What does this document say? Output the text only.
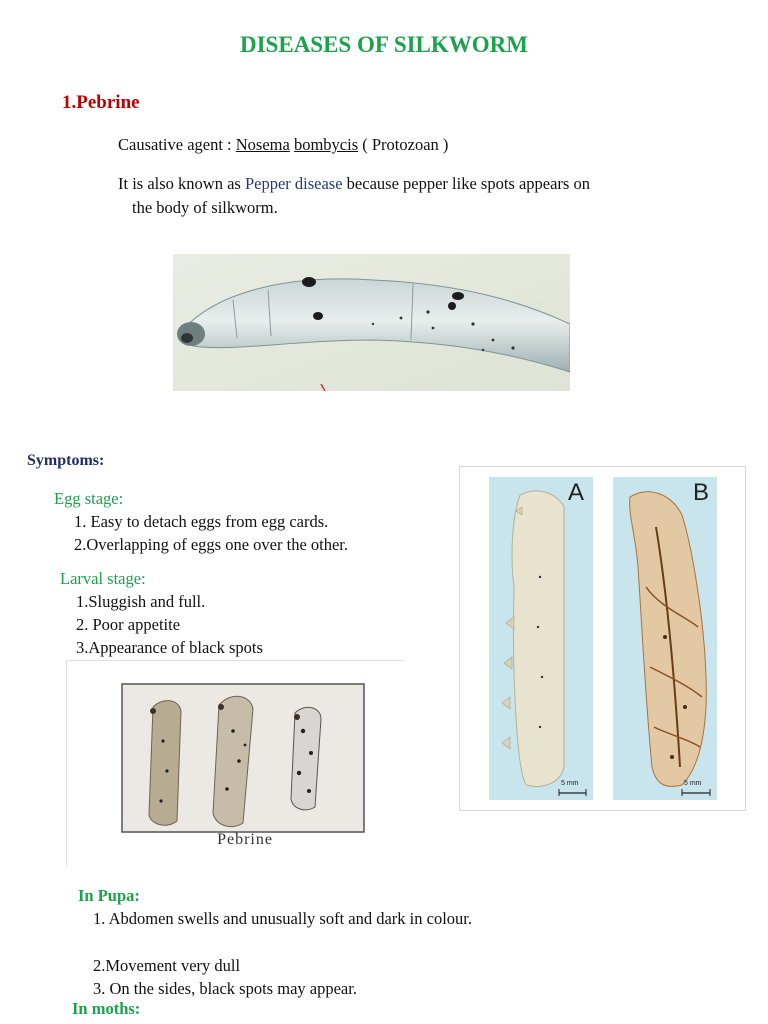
DISEASES OF SILKWORM
1.Pebrine
Causative agent : Nosema bombycis ( Protozoan )
It is also known as Pepper disease because pepper like spots appears on
the body of silkworm.
Symptoms:
Egg stage:
1. Easy to detach eggs from egg cards.
2.Overlapping of eggs one over the other.
Larval stage:
1.Sluggish and full.
2. Poor appetite
3.Appearance of black spots
A	B
5 mm	5 mm
Pebrine
In Pupa:
1. Abdomen swells and unusually soft and dark in colour.
2.Movement very dull
3. On the sides, black spots may appear.
In moths:
